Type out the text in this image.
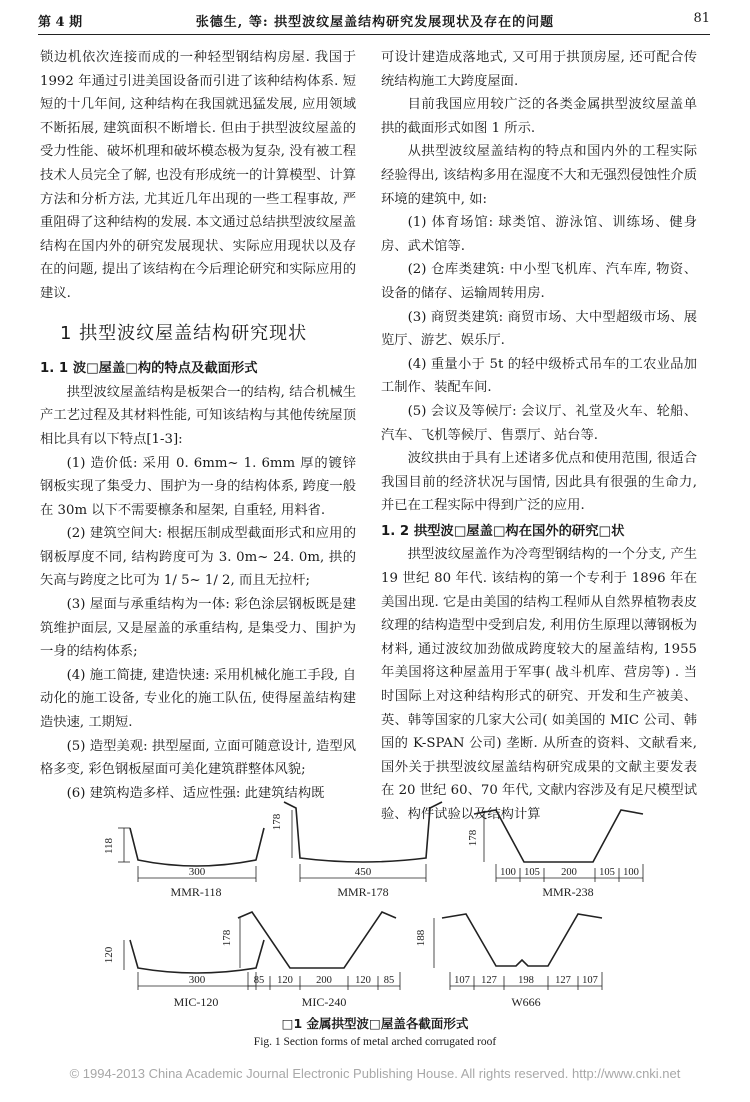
第 4 期	张德生, 等: 拱型波纹屋盖结构研究发展现状及存在的问题	81

锁边机依次连接而成的一种轻型钢结构房屋. 我国于 1992 年通过引进美国设备而引进了该种结构体系. 短短的十几年间, 这种结构在我国就迅猛发展, 应用领域不断拓展, 建筑面积不断增长. 但由于拱型波纹屋盖的受力性能、破坏机理和破坏模态极为复杂, 没有被工程技术人员完全了解, 也没有形成统一的计算模型、计算方法和分析方法, 尤其近几年出现的一些工程事故, 严重阻碍了这种结构的发展. 本文通过总结拱型波纹屋盖结构在国内外的研究发展现状、实际应用现状以及存在的问题, 提出了该结构在今后理论研究和实际应用的建议.

1 拱型波纹屋盖结构研究现状

1. 1 波□屋盖□构的特点及截面形式

拱型波纹屋盖结构是板架合一的结构, 结合机械生产工艺过程及其材料性能, 可知该结构与其他传统屋顶相比具有以下特点[1-3]:

(1) 造价低: 采用 0. 6mm~ 1. 6mm 厚的镀锌钢板实现了集受力、围护为一身的结构体系, 跨度一般在 30m 以下不需要檩条和屋架, 自重轻, 用料省.

(2) 建筑空间大: 根据压制成型截面形式和应用的钢板厚度不同, 结构跨度可为 3. 0m~ 24. 0m, 拱的矢高与跨度之比可为 1/ 5~ 1/ 2, 而且无拉杆;

(3) 屋面与承重结构为一体: 彩色涂层钢板既是建筑维护面层, 又是屋盖的承重结构, 是集受力、围护为一身的结构体系;

(4) 施工简捷, 建造快速: 采用机械化施工手段, 自动化的施工设备, 专业化的施工队伍, 使得屋盖结构建造快速, 工期短.

(5) 造型美观: 拱型屋面, 立面可随意设计, 造型风格多变, 彩色钢板屋面可美化建筑群整体风貌;

(6) 建筑构造多样、适应性强: 此建筑结构既

可设计建造成落地式, 又可用于拱顶房屋, 还可配合传统结构施工大跨度屋面.

目前我国应用较广泛的各类金属拱型波纹屋盖单拱的截面形式如图 1 所示.

从拱型波纹屋盖结构的特点和国内外的工程实际经验得出, 该结构多用在湿度不大和无强烈侵蚀性介质环境的建筑中, 如:

(1) 体育场馆: 球类馆、游泳馆、训练场、健身房、武术馆等.

(2) 仓库类建筑: 中小型飞机库、汽车库, 物资、设备的储存、运输周转用房.

(3) 商贸类建筑: 商贸市场、大中型超级市场、展览厅、游艺、娱乐厅.

(4) 重量小于 5t 的轻中级桥式吊车的工农业品加工制作、装配车间.

(5) 会议及等候厅: 会议厅、礼堂及火车、轮船、汽车、飞机等候厅、售票厅、站台等.

波纹拱由于具有上述诸多优点和使用范围, 很适合我国目前的经济状况与国情, 因此具有很强的生命力, 并已在工程实际中得到广泛的应用.

1. 2 拱型波□屋盖□构在国外的研究□状

拱型波纹屋盖作为冷弯型钢结构的一个分支, 产生 19 世纪 80 年代. 该结构的第一个专利于 1896 年在美国出现. 它是由美国的结构工程师从自然界植物表皮纹理的结构造型中受到启发, 利用仿生原理以薄钢板为材料, 通过波纹加劲做成跨度较大的屋盖结构, 1955 年美国将这种屋盖用于军事( 战斗机库、营房等) . 当时国际上对这种结构形式的研究、开发和生产被美、英、韩等国家的几家大公司( 如美国的 MIC 公司、韩国的 K-SPAN 公司) 垄断. 从所查的资料、文献看来, 国外关于拱型波纹屋盖结构研究成果的文献主要发表在 20 世纪 60、70 年代, 文献内容涉及有足尺模型试验、构件试验以及结构计算

118
300
MMR-118
178
450
MMR-178
178
100 105 200 105 100
MMR-238
120
300
MIC-120
178
85 120 200 120 85
MIC-240
188
107 127 198 127 107
W666
□1 金属拱型波□屋盖各截面形式
Fig. 1 Section forms of metal arched corrugated roof
© 1994-2013 China Academic Journal Electronic Publishing House. All rights reserved. http://www.cnki.net
